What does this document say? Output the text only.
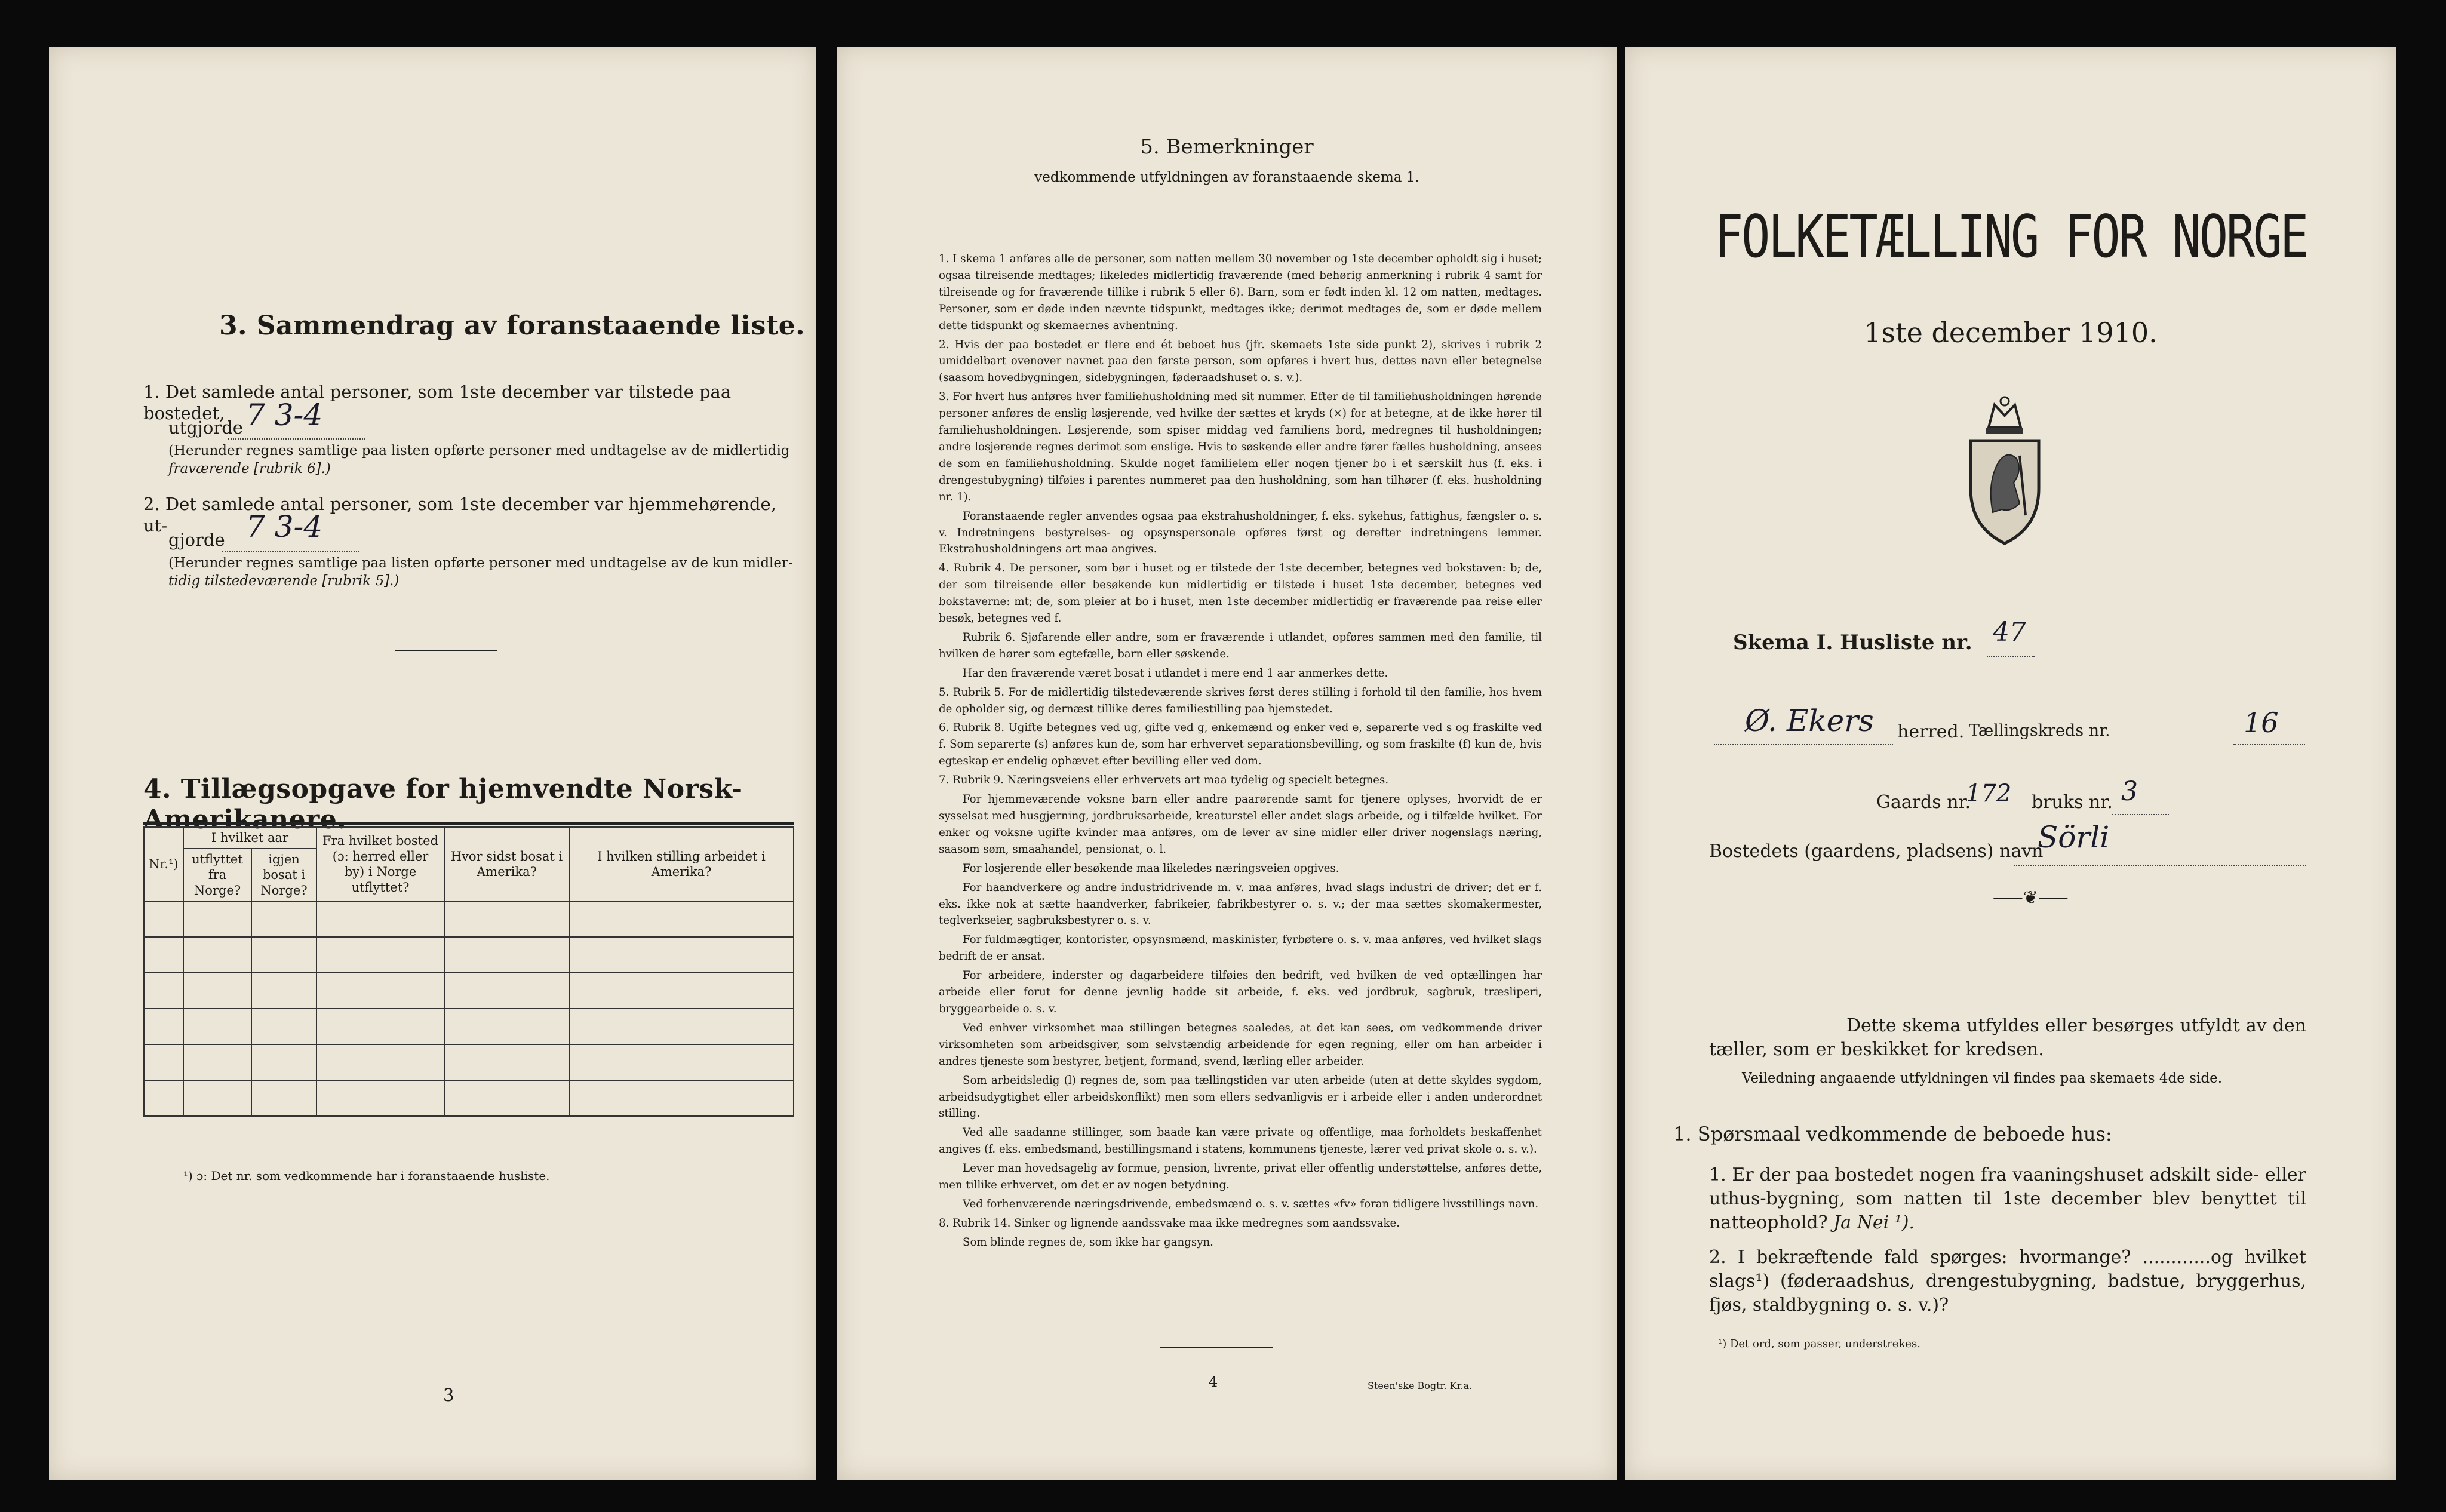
3. Sammendrag av foranstaaende liste.
1. Det samlede antal personer, som 1ste december var tilstede paa bostedet,
utgjorde 7 3-4
(Herunder regnes samtlige paa listen opførte personer med undtagelse av de midlertidig
fraværende [rubrik 6].)
2. Det samlede antal personer, som 1ste december var hjemmehørende, ut-
gjorde 7 3-4
(Herunder regnes samtlige paa listen opførte personer med undtagelse av de kun midler-
tidig tilstedeværende [rubrik 5].)
4. Tillægsopgave for hjemvendte Norsk-Amerikanere.
Nr.¹)	I hvilket aar		Fra hvilket bosted (ɔ: herred eller by) i Norge utflyttet?	Hvor sidst bosat i Amerika?	I hvilken stilling arbeidet i Amerika?
	utflyttet fra Norge?	igjen bosat i Norge?			

¹) ɔ: Det nr. som vedkommende har i foranstaaende husliste.
3
5. Bemerkninger
vedkommende utfyldningen av foranstaaende skema 1.
1. I skema 1 anføres alle de personer, som natten mellem 30 november og 1ste december opholdt sig i huset; ogsaa tilreisende medtages; likeledes midlertidig fraværende (med behørig anmerkning i rubrik 4 samt for tilreisende og for fraværende tillike i rubrik 5 eller 6). Barn, som er født inden kl. 12 om natten, medtages. Personer, som er døde inden nævnte tidspunkt, medtages ikke; derimot medtages de, som er døde mellem dette tidspunkt og skemaernes avhentning.
2. Hvis der paa bostedet er flere end ét beboet hus (jfr. skemaets 1ste side punkt 2), skrives i rubrik 2 umiddelbart ovenover navnet paa den første person, som opføres i hvert hus, dettes navn eller betegnelse (saasom hovedbygningen, sidebygningen, føderaadshuset o. s. v.).
3. For hvert hus anføres hver familiehusholdning med sit nummer. Efter de til familiehusholdningen hørende personer anføres de enslig løsjerende, ved hvilke der sættes et kryds (×) for at betegne, at de ikke hører til familiehusholdningen. Løsjerende, som spiser middag ved familiens bord, medregnes til husholdningen; andre losjerende regnes derimot som enslige. Hvis to søskende eller andre fører fælles husholdning, ansees de som en familiehusholdning. Skulde noget familielem eller nogen tjener bo i et særskilt hus (f. eks. i drengestubygning) tilføies i parentes nummeret paa den husholdning, som han tilhører (f. eks. husholdning nr. 1).
Foranstaaende regler anvendes ogsaa paa ekstrahusholdninger, f. eks. sykehus, fattighus, fængsler o. s. v. Indretningens bestyrelses- og opsynspersonale opføres først og derefter indretningens lemmer. Ekstrahusholdningens art maa angives.
4. Rubrik 4. De personer, som bør i huset og er tilstede der 1ste december, betegnes ved bokstaven: b; de, der som tilreisende eller besøkende kun midlertidig er tilstede i huset 1ste december, betegnes ved bokstaverne: mt; de, som pleier at bo i huset, men 1ste december midlertidig er fraværende paa reise eller besøk, betegnes ved f.
Rubrik 6. Sjøfarende eller andre, som er fraværende i utlandet, opføres sammen med den familie, til hvilken de hører som egtefælle, barn eller søskende.
Har den fraværende været bosat i utlandet i mere end 1 aar anmerkes dette.
5. Rubrik 5. For de midlertidig tilstedeværende skrives først deres stilling i forhold til den familie, hos hvem de opholder sig, og dernæst tillike deres familiestilling paa hjemstedet.
6. Rubrik 8. Ugifte betegnes ved ug, gifte ved g, enkemænd og enker ved e, separerte ved s og fraskilte ved f. Som separerte (s) anføres kun de, som har erhvervet separationsbevilling, og som fraskilte (f) kun de, hvis egteskap er endelig ophævet efter bevilling eller ved dom.
7. Rubrik 9. Næringsveiens eller erhvervets art maa tydelig og specielt betegnes.
For hjemmeværende voksne barn eller andre paarørende samt for tjenere oplyses, hvorvidt de er sysselsat med husgjerning, jordbruksarbeide, kreaturstel eller andet slags arbeide, og i tilfælde hvilket. For enker og voksne ugifte kvinder maa anføres, om de lever av sine midler eller driver nogenslags næring, saasom søm, smaahandel, pensionat, o. l.
For losjerende eller besøkende maa likeledes næringsveien opgives.
For haandverkere og andre industridrivende m. v. maa anføres, hvad slags industri de driver; det er f. eks. ikke nok at sætte haandverker, fabrikeier, fabrikbestyrer o. s. v.; der maa sættes skomakermester, teglverkseier, sagbruksbestyrer o. s. v.
For fuldmægtiger, kontorister, opsynsmænd, maskinister, fyrbøtere o. s. v. maa anføres, ved hvilket slags bedrift de er ansat.
For arbeidere, inderster og dagarbeidere tilføies den bedrift, ved hvilken de ved optællingen har arbeide eller forut for denne jevnlig hadde sit arbeide, f. eks. ved jordbruk, sagbruk, træsliperi, bryggearbeide o. s. v.
Ved enhver virksomhet maa stillingen betegnes saaledes, at det kan sees, om vedkommende driver virksomheten som arbeidsgiver, som selvstændig arbeidende for egen regning, eller om han arbeider i andres tjeneste som bestyrer, betjent, formand, svend, lærling eller arbeider.
Som arbeidsledig (l) regnes de, som paa tællingstiden var uten arbeide (uten at dette skyldes sygdom, arbeidsudygtighet eller arbeidskonflikt) men som ellers sedvanligvis er i arbeide eller i anden underordnet stilling.
Ved alle saadanne stillinger, som baade kan være private og offentlige, maa forholdets beskaffenhet angives (f. eks. embedsmand, bestillingsmand i statens, kommunens tjeneste, lærer ved privat skole o. s. v.).
Lever man hovedsagelig av formue, pension, livrente, privat eller offentlig understøttelse, anføres dette, men tillike erhvervet, om det er av nogen betydning.
Ved forhenværende næringsdrivende, embedsmænd o. s. v. sættes «fv» foran tidligere livsstillings navn.
8. Rubrik 14. Sinker og lignende aandssvake maa ikke medregnes som aandssvake.
Som blinde regnes de, som ikke har gangsyn.
4	Steen'ske Bogtr. Kr.a.
FOLKETÆLLING FOR NORGE
1ste december 1910.
Skema I. Husliste nr. 47
Ø. Ekers herred. Tællingskreds nr.	16
Gaards nr.
172 bruks nr. 3
Bostedets (gaardens, pladsens) navn
Sörli
⸺❦⸺
Dette skema utfyldes eller besørges utfyldt av den tæller, som er beskikket for kredsen.
Veiledning angaaende utfyldningen vil findes paa skemaets 4de side.
1. Spørsmaal vedkommende de beboede hus:
1. Er der paa bostedet nogen fra vaaningshuset adskilt side- eller uthus-bygning, som natten til 1ste december blev benyttet til natteophold? Ja Nei ¹).
2. I bekræftende fald spørges: hvormange? ............og hvilket slags¹) (føderaadshus, drengestubygning, badstue, bryggerhus, fjøs, staldbygning o. s. v.)?
¹) Det ord, som passer, understrekes.
